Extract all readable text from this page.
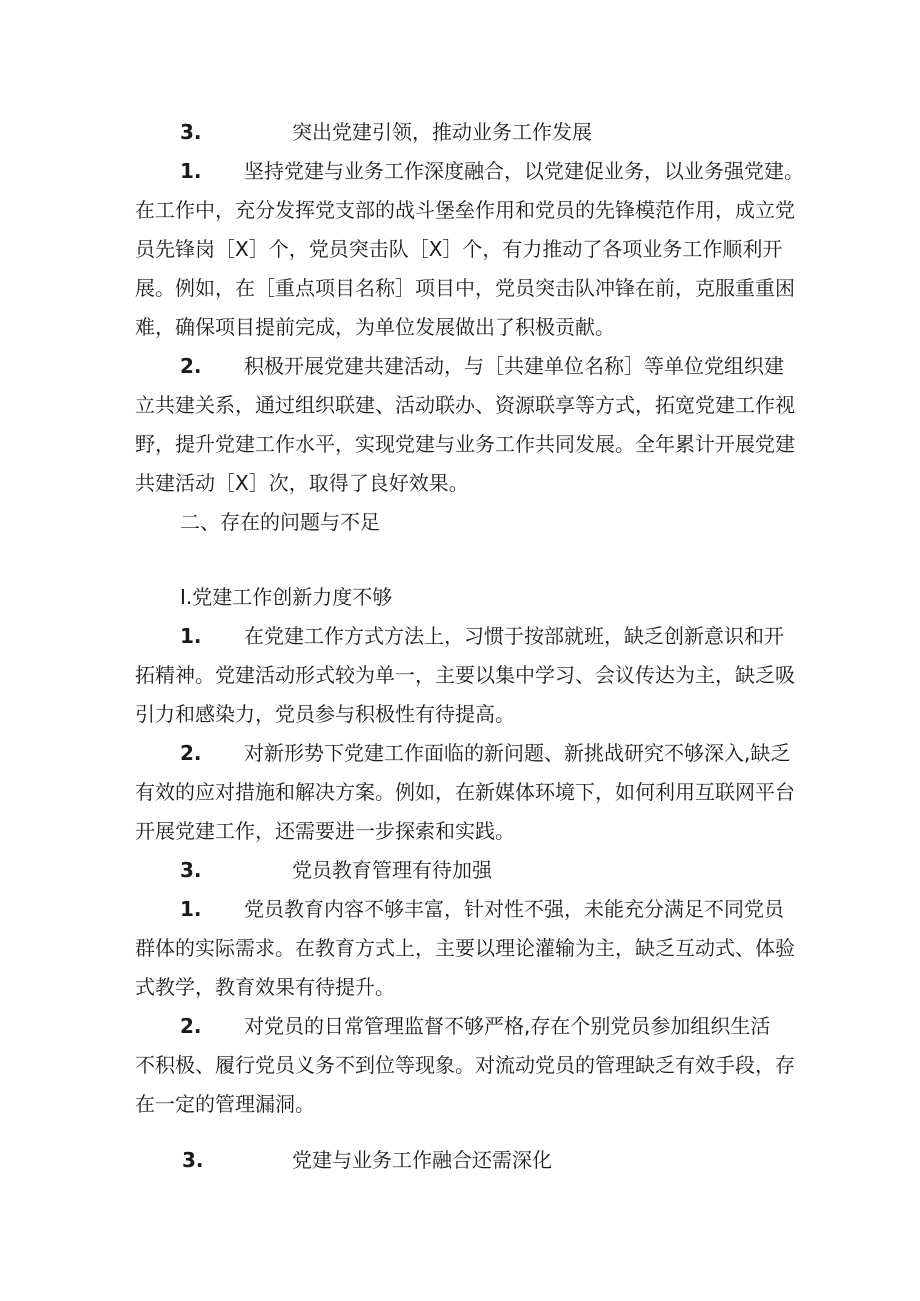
3.	突出党建引领，推动业务工作发展
1. 坚持党建与业务工作深度融合，以党建促业务，以业务强党建。
在工作中，充分发挥党支部的战斗堡垒作用和党员的先锋模范作用，成立党
员先锋岗［X］个，党员突击队［X］个，有力推动了各项业务工作顺利开
展。例如，在［重点项目名称］项目中，党员突击队冲锋在前，克服重重困
难，确保项目提前完成，为单位发展做出了积极贡献。
2. 积极开展党建共建活动，与［共建单位名称］等单位党组织建
立共建关系，通过组织联建、活动联办、资源联享等方式，拓宽党建工作视
野，提升党建工作水平，实现党建与业务工作共同发展。全年累计开展党建
共建活动［X］次，取得了良好效果。
二、存在的问题与不足
I.党建工作创新力度不够
1. 在党建工作方式方法上，习惯于按部就班，缺乏创新意识和开
拓精神。党建活动形式较为单一，主要以集中学习、会议传达为主，缺乏吸
引力和感染力，党员参与积极性有待提高。
2. 对新形势下党建工作面临的新问题、新挑战研究不够深入,缺乏
有效的应对措施和解决方案。例如，在新媒体环境下，如何利用互联网平台
开展党建工作，还需要进一步探索和实践。
3.	党员教育管理有待加强
1. 党员教育内容不够丰富，针对性不强，未能充分满足不同党员
群体的实际需求。在教育方式上，主要以理论灌输为主，缺乏互动式、体验
式教学，教育效果有待提升。
2. 对党员的日常管理监督不够严格,存在个别党员参加组织生活
不积极、履行党员义务不到位等现象。对流动党员的管理缺乏有效手段，存
在一定的管理漏洞。
3.	党建与业务工作融合还需深化
